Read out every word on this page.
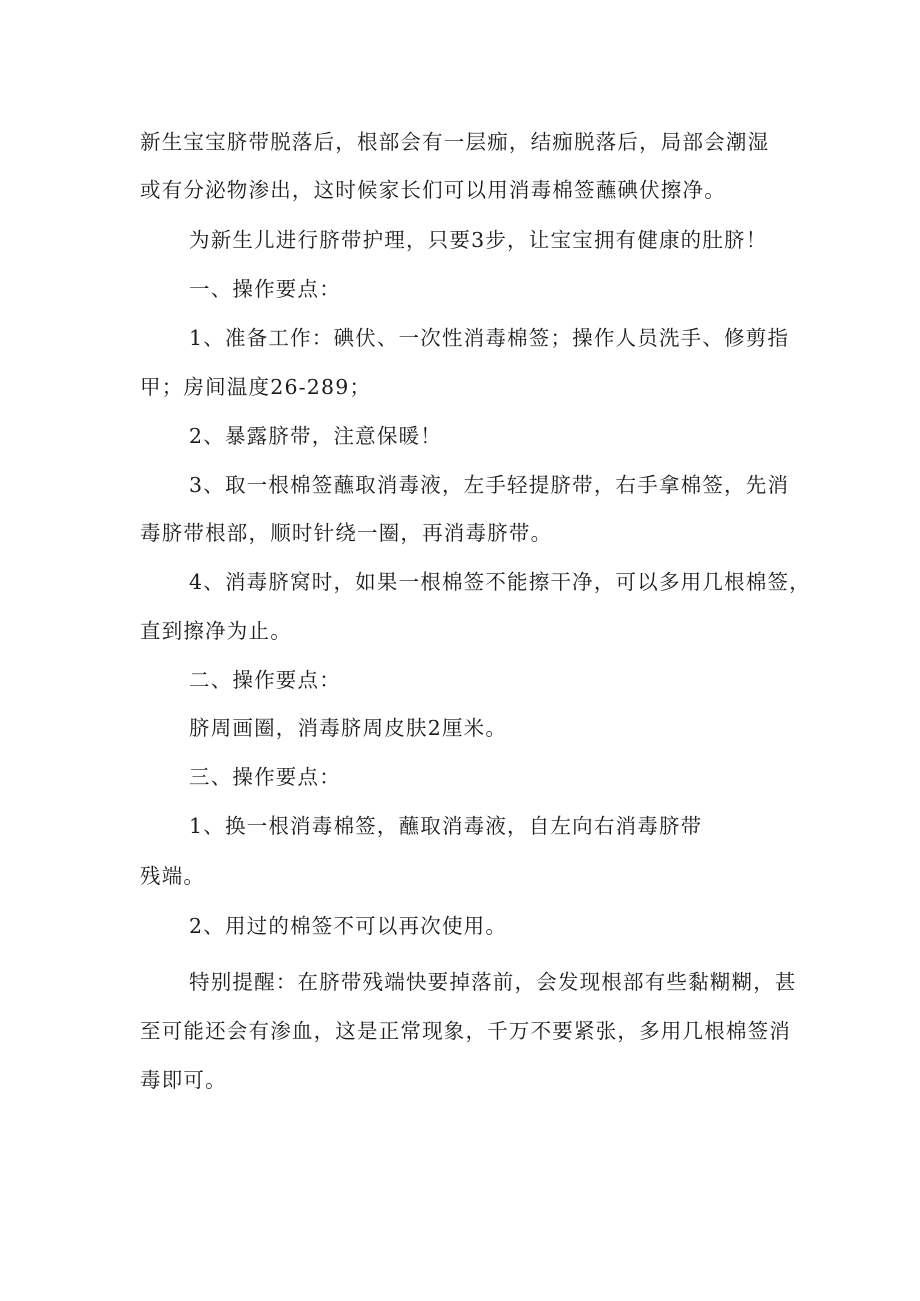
新生宝宝脐带脱落后，根部会有一层痂，结痂脱落后，局部会潮湿
或有分泌物渗出，这时候家长们可以用消毒棉签蘸碘伏擦净。
为新生儿进行脐带护理，只要3步，让宝宝拥有健康的肚脐！
一、操作要点：
1、准备工作：碘伏、一次性消毒棉签；操作人员洗手、修剪指
甲；房间温度26-289；
2、暴露脐带，注意保暖！
3、取一根棉签蘸取消毒液，左手轻提脐带，右手拿棉签，先消
毒脐带根部，顺时针绕一圈，再消毒脐带。
4、消毒脐窝时，如果一根棉签不能擦干净，可以多用几根棉签，
直到擦净为止。
二、操作要点：
脐周画圈，消毒脐周皮肤2厘米。
三、操作要点：
1、换一根消毒棉签，蘸取消毒液，自左向右消毒脐带
残端。
2、用过的棉签不可以再次使用。
特别提醒：在脐带残端快要掉落前，会发现根部有些黏糊糊，甚
至可能还会有渗血，这是正常现象，千万不要紧张，多用几根棉签消
毒即可。
